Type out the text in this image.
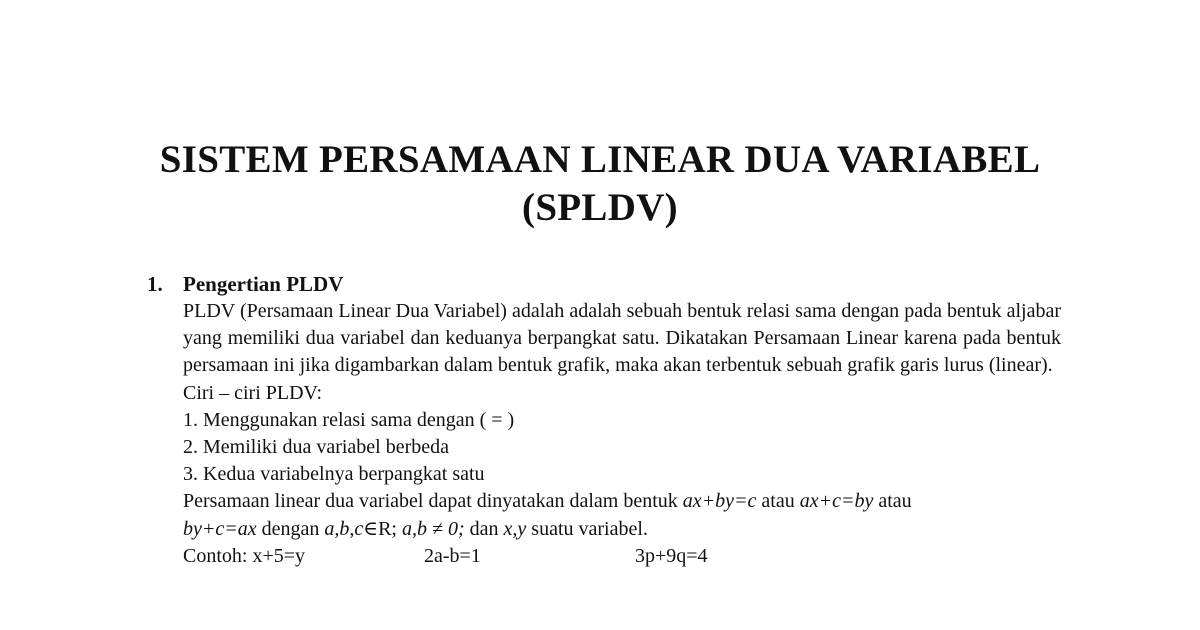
SISTEM PERSAMAAN LINEAR DUA VARIABEL
(SPLDV)
1. Pengertian PLDV

PLDV (Persamaan Linear Dua Variabel) adalah adalah sebuah bentuk relasi sama dengan pada bentuk aljabar yang memiliki dua variabel dan keduanya berpangkat satu. Dikatakan Persamaan Linear karena pada bentuk persamaan ini jika digambarkan dalam bentuk grafik, maka akan terbentuk sebuah grafik garis lurus (linear).

Ciri – ciri PLDV:

1. Menggunakan relasi sama dengan ( = )

2. Memiliki dua variabel berbeda

3. Kedua variabelnya berpangkat satu

Persamaan linear dua variabel dapat dinyatakan dalam bentuk ax+by=c atau ax+c=by atau
by+c=ax dengan a,b,c∈R; a,b ≠ 0; dan x,y suatu variabel.

Contoh: x+5=y	2a-b=1	3p+9q=4
